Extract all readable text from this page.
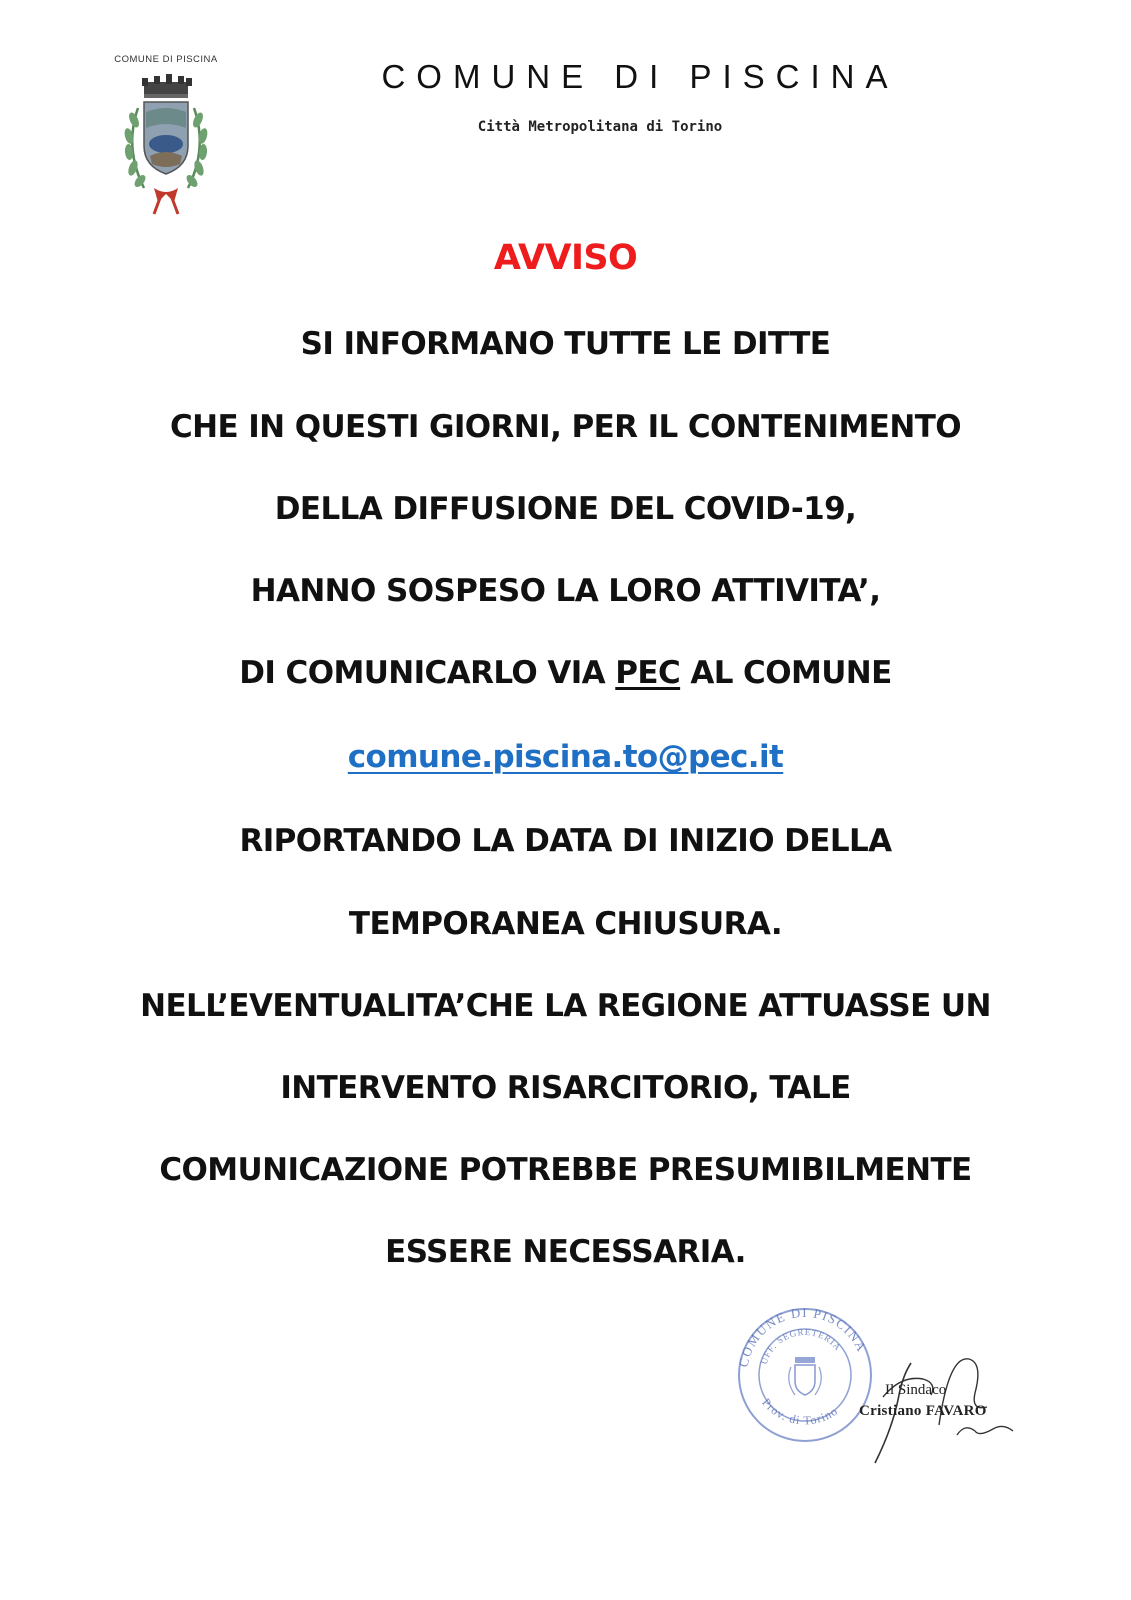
COMUNE DI PISCINA	COMUNE DI PISCINA
Città Metropolitana di Torino
AVVISO
SI INFORMANO TUTTE LE DITTE
CHE IN QUESTI GIORNI, PER IL CONTENIMENTO
DELLA DIFFUSIONE DEL COVID-19,
HANNO SOSPESO LA LORO ATTIVITA’,
DI COMUNICARLO VIA PEC AL COMUNE
comune.piscina.to@pec.it
RIPORTANDO LA DATA DI INIZIO DELLA
TEMPORANEA CHIUSURA.
NELL’EVENTUALITA’CHE LA REGIONE ATTUASSE UN
INTERVENTO RISARCITORIO, TALE
COMUNICAZIONE POTREBBE PRESUMIBILMENTE
ESSERE NECESSARIA.
COMUNE DI PISCINA
UFF. SEGRETERIA
Prov. di Torino
Il Sindaco
Cristiano FAVARO
